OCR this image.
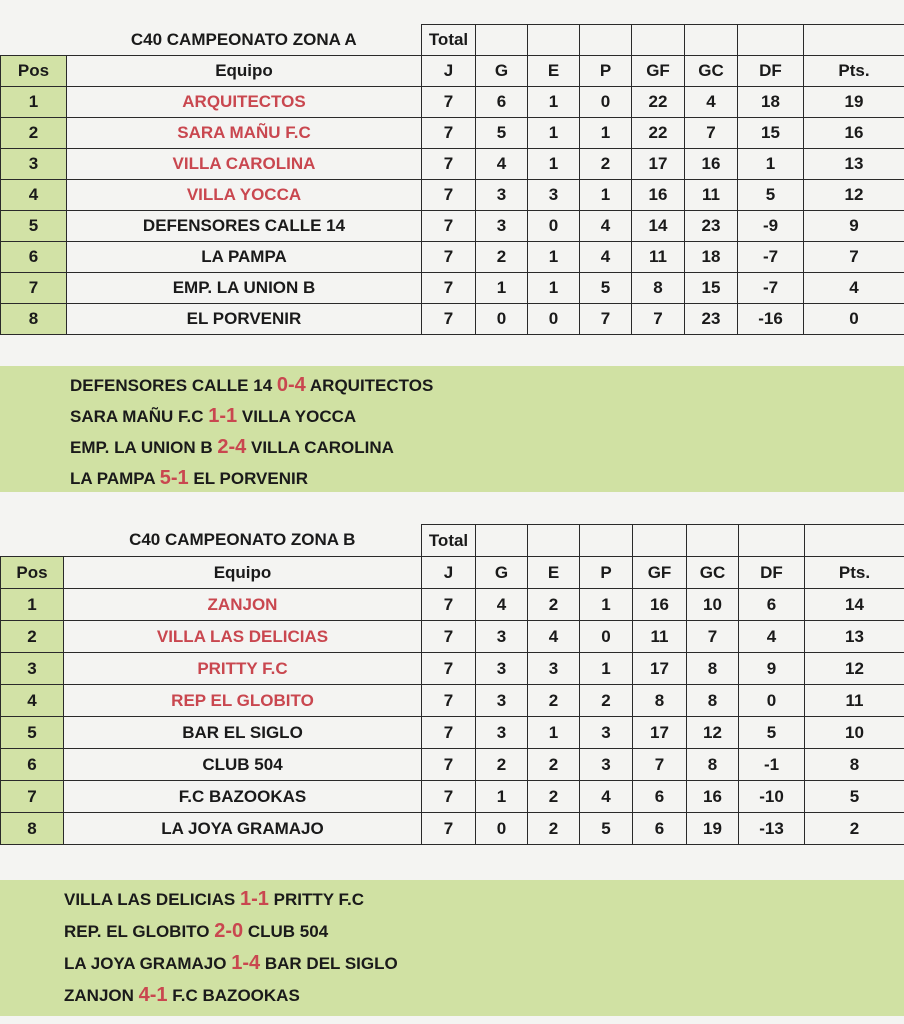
	C40 CAMPEONATO ZONA A	Total							
Pos	Equipo	J	G	E	P	GF	GC	DF	Pts.
1	ARQUITECTOS	7	6	1	0	22	4	18	19
2	SARA MAÑU F.C	7	5	1	1	22	7	15	16
3	VILLA CAROLINA	7	4	1	2	17	16	1	13
4	VILLA YOCCA	7	3	3	1	16	11	5	12
5	DEFENSORES CALLE 14	7	3	0	4	14	23	-9	9
6	LA PAMPA	7	2	1	4	11	18	-7	7
7	EMP. LA UNION B	7	1	1	5	8	15	-7	4
8	EL PORVENIR	7	0	0	7	7	23	-16	0
DEFENSORES CALLE 14 0-4 ARQUITECTOS
SARA MAÑU F.C 1-1 VILLA YOCCA
EMP. LA UNION B 2-4 VILLA CAROLINA
LA PAMPA 5-1 EL PORVENIR
	C40 CAMPEONATO ZONA B	Total							
Pos	Equipo	J	G	E	P	GF	GC	DF	Pts.
1	ZANJON	7	4	2	1	16	10	6	14
2	VILLA LAS DELICIAS	7	3	4	0	11	7	4	13
3	PRITTY F.C	7	3	3	1	17	8	9	12
4	REP EL GLOBITO	7	3	2	2	8	8	0	11
5	BAR EL SIGLO	7	3	1	3	17	12	5	10
6	CLUB 504	7	2	2	3	7	8	-1	8
7	F.C BAZOOKAS	7	1	2	4	6	16	-10	5
8	LA JOYA GRAMAJO	7	0	2	5	6	19	-13	2
VILLA LAS DELICIAS 1-1 PRITTY F.C
REP. EL GLOBITO 2-0 CLUB 504
LA JOYA GRAMAJO 1-4 BAR DEL SIGLO
ZANJON 4-1 F.C BAZOOKAS
